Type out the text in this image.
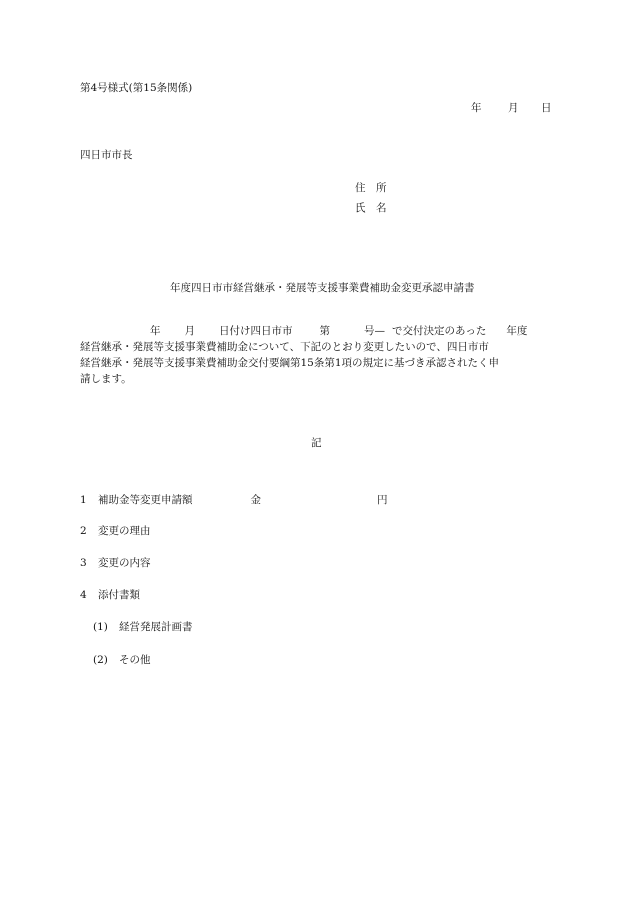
第4号様式(第15条関係)
年	月 日
四日市市長
住　所
氏　名
年度四日市市経営継承・発展等支援事業費補助金変更承認申請書
年 月 日付け四日市市	第	号— で交付決定のあった 年度
経営継承・発展等支援事業費補助金について、下記のとおり変更したいので、四日市市
経営継承・発展等支援事業費補助金交付要綱第15条第1項の規定に基づき承認されたく申
請します。
記
1 補助金等変更申請額	金	円
2 変更の理由
3 変更の内容
4 添付書類
(1) 経営発展計画書
(2) その他
